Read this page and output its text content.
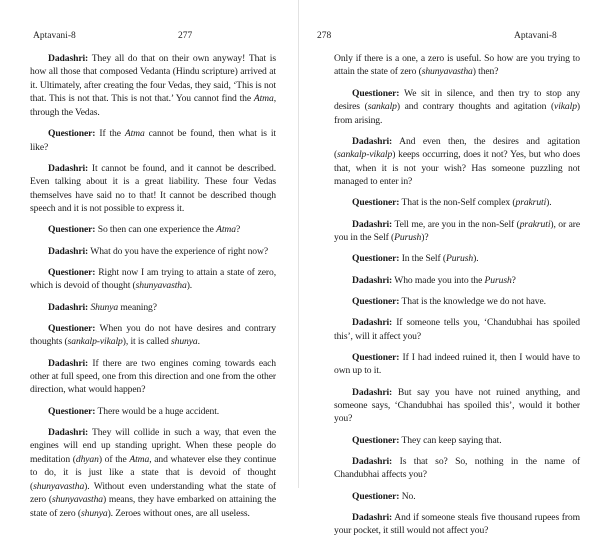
Aptavani-8	277

Dadashri: They all do that on their own anyway! That is how all those that composed Vedanta (Hindu scripture) arrived at it. Ultimately, after creating the four Vedas, they said, ‘This is not that. This is not that. This is not that.’ You cannot find the Atma, through the Vedas.

Questioner: If the Atma cannot be found, then what is it like?

Dadashri: It cannot be found, and it cannot be described. Even talking about it is a great liability. These four Vedas themselves have said no to that! It cannot be described though speech and it is not possible to express it.

Questioner: So then can one experience the Atma?

Dadashri: What do you have the experience of right now?

Questioner: Right now I am trying to attain a state of zero, which is devoid of thought (shunyavastha).

Dadashri: Shunya meaning?

Questioner: When you do not have desires and contrary thoughts (sankalp-vikalp), it is called shunya.

Dadashri: If there are two engines coming towards each other at full speed, one from this direction and one from the other direction, what would happen?

Questioner: There would be a huge accident.

Dadashri: They will collide in such a way, that even the engines will end up standing upright. When these people do meditation (dhyan) of the Atma, and whatever else they continue to do, it is just like a state that is devoid of thought (shunyavastha). Without even understanding what the state of zero (shunyavastha) means, they have embarked on attaining the state of zero (shunya). Zeroes without ones, are all useless.

278	Aptavani-8

Only if there is a one, a zero is useful. So how are you trying to attain the state of zero (shunyavastha) then?

Questioner: We sit in silence, and then try to stop any desires (sankalp) and contrary thoughts and agitation (vikalp) from arising.

Dadashri: And even then, the desires and agitation (sankalp-vikalp) keeps occurring, does it not? Yes, but who does that, when it is not your wish? Has someone puzzling not managed to enter in?

Questioner: That is the non-Self complex (prakruti).

Dadashri: Tell me, are you in the non-Self (prakruti), or are you in the Self (Purush)?

Questioner: In the Self (Purush).

Dadashri: Who made you into the Purush?

Questioner: That is the knowledge we do not have.

Dadashri: If someone tells you, ‘Chandubhai has spoiled this’, will it affect you?

Questioner: If I had indeed ruined it, then I would have to own up to it.

Dadashri: But say you have not ruined anything, and someone says, ‘Chandubhai has spoiled this’, would it bother you?

Questioner: They can keep saying that.

Dadashri: Is that so? So, nothing in the name of Chandubhai affects you?

Questioner: No.

Dadashri: And if someone steals five thousand rupees from your pocket, it still would not affect you?
